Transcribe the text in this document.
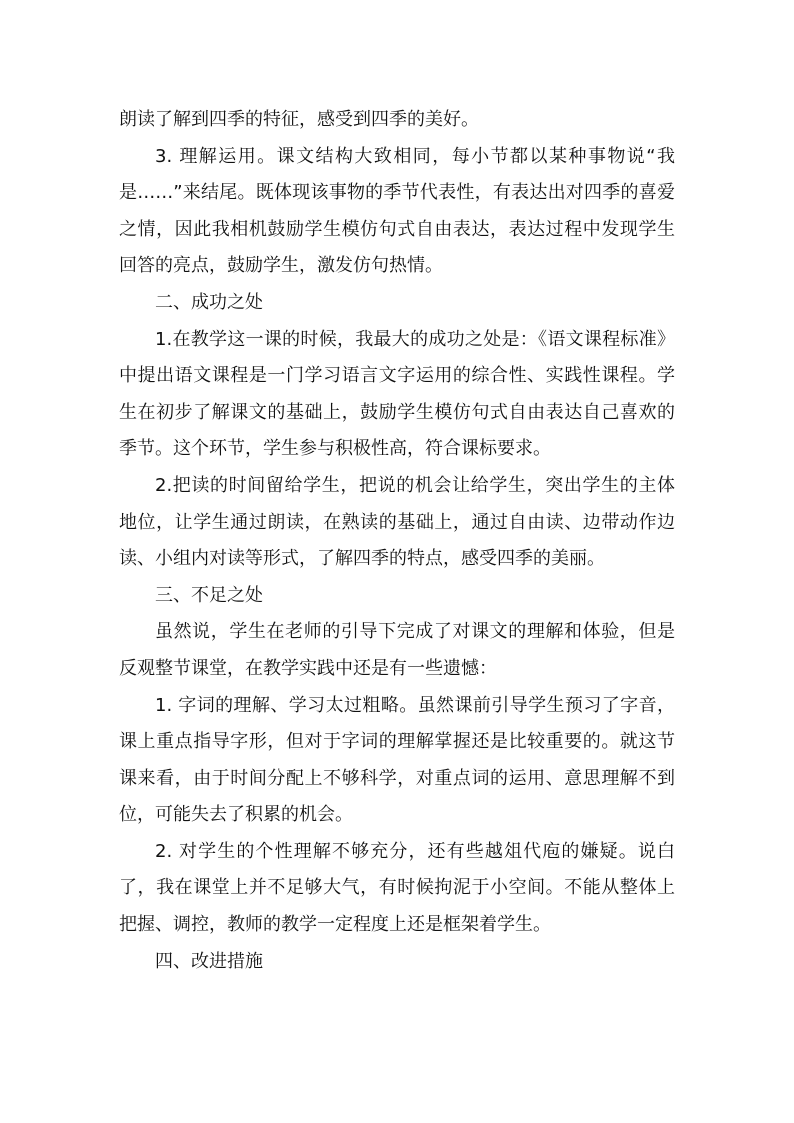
朗读了解到四季的特征，感受到四季的美好。

3. 理解运用。课文结构大致相同，每小节都以某种事物说“我是……”来结尾。既体现该事物的季节代表性，有表达出对四季的喜爱之情，因此我相机鼓励学生模仿句式自由表达，表达过程中发现学生回答的亮点，鼓励学生，激发仿句热情。

二、成功之处

1.在教学这一课的时候，我最大的成功之处是：《语文课程标准》中提出语文课程是一门学习语言文字运用的综合性、实践性课程。学生在初步了解课文的基础上，鼓励学生模仿句式自由表达自己喜欢的季节。这个环节，学生参与积极性高，符合课标要求。

2.把读的时间留给学生，把说的机会让给学生，突出学生的主体地位，让学生通过朗读，在熟读的基础上，通过自由读、边带动作边读、小组内对读等形式，了解四季的特点，感受四季的美丽。

三、不足之处

虽然说，学生在老师的引导下完成了对课文的理解和体验，但是反观整节课堂，在教学实践中还是有一些遗憾：

1. 字词的理解、学习太过粗略。虽然课前引导学生预习了字音，课上重点指导字形，但对于字词的理解掌握还是比较重要的。就这节课来看，由于时间分配上不够科学，对重点词的运用、意思理解不到位，可能失去了积累的机会。

2. 对学生的个性理解不够充分，还有些越俎代庖的嫌疑。说白了，我在课堂上并不足够大气，有时候拘泥于小空间。不能从整体上把握、调控，教师的教学一定程度上还是框架着学生。

四、改进措施
